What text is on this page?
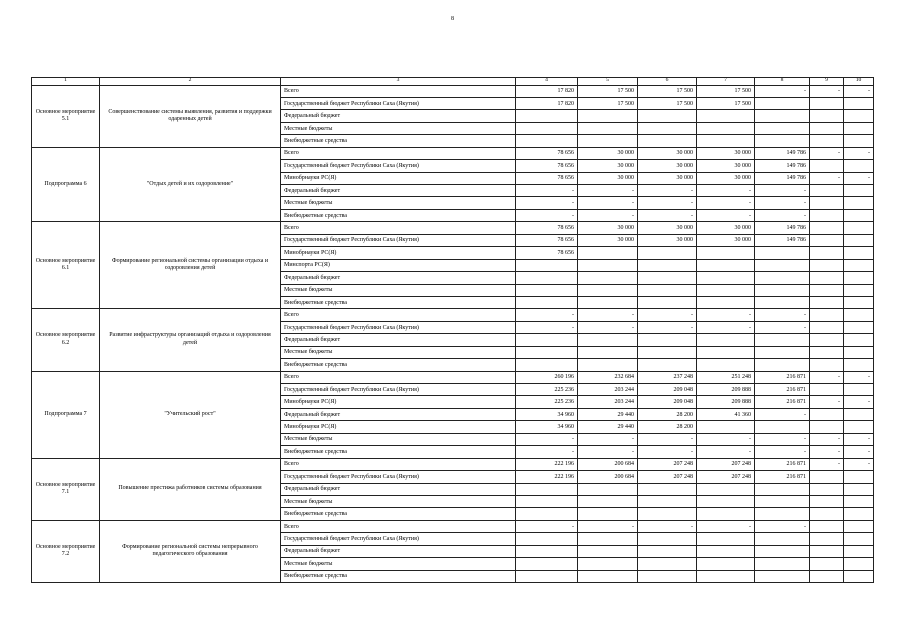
8
1	2	3	4	5	6	7	8	9	10
Основное мероприятие 5.1	Совершенствование системы выявления, развития и поддержки одаренных детей	Всего	17 820	17 500	17 500	17 500	-	-	-
		Государственный бюджет Республики Саха (Якутия)	17 820	17 500	17 500	17 500			
		Федеральный бюджет							
		Местные бюджеты							
		Внебюджетные средства							
Подпрограмма 6	"Отдых детей и их оздоровление"	Всего	78 656	30 000	30 000	30 000	149 786	-	-
		Государственный бюджет Республики Саха (Якутия)	78 656	30 000	30 000	30 000	149 786		
		Минобрнауки РС(Я)	78 656	30 000	30 000	30 000	149 786	-	-
		Федеральный бюджет	-	-	-	-	-		
		Местные бюджеты	-	-	-	-	-		
		Внебюджетные средства	-	-	-	-	-		
Основное мероприятие 6.1	Формирование региональной системы организации отдыха и оздоровления детей	Всего	78 656	30 000	30 000	30 000	149 786		
		Государственный бюджет Республики Саха (Якутия)	78 656	30 000	30 000	30 000	149 786		
		Минобрнауки РС(Я)	78 656						
		Минспорта РС(Я)							
		Федеральный бюджет							
		Местные бюджеты							
		Внебюджетные средства							
Основное мероприятие 6.2	Развитие инфраструктуры организаций отдыха и оздоровления детей	Всего	-	-	-	-	-		
		Государственный бюджет Республики Саха (Якутия)	-	-	-	-	-		
		Федеральный бюджет							
		Местные бюджеты							
		Внебюджетные средства							
Подпрограмма 7	"Учительский рост"	Всего	260 196	232 684	237 248	251 248	216 871	-	-
		Государственный бюджет Республики Саха (Якутия)	225 236	203 244	209 048	209 888	216 871		
		Минобрнауки РС(Я)	225 236	203 244	209 048	209 888	216 871	-	-
		Федеральный бюджет	34 960	29 440	28 200	41 360	-		
		Минобрнауки РС(Я)	34 960	29 440	28 200				
		Местные бюджеты	-	-	-	-	-	-	-
		Внебюджетные средства	-	-	-	-	-	-	-
Основное мероприятие 7.1	Повышение престижа работников системы образования	Всего	222 196	200 684	207 248	207 248	216 871	-	-
		Государственный бюджет Республики Саха (Якутия)	222 196	200 684	207 248	207 248	216 871		
		Федеральный бюджет							
		Местные бюджеты							
		Внебюджетные средства							
Основное мероприятие 7.2	Формирование региональной системы непрерывного педагогического образования	Всего	-	-	-	-	-		
		Государственный бюджет Республики Саха (Якутия)							
		Федеральный бюджет							
		Местные бюджеты							
		Внебюджетные средства							
